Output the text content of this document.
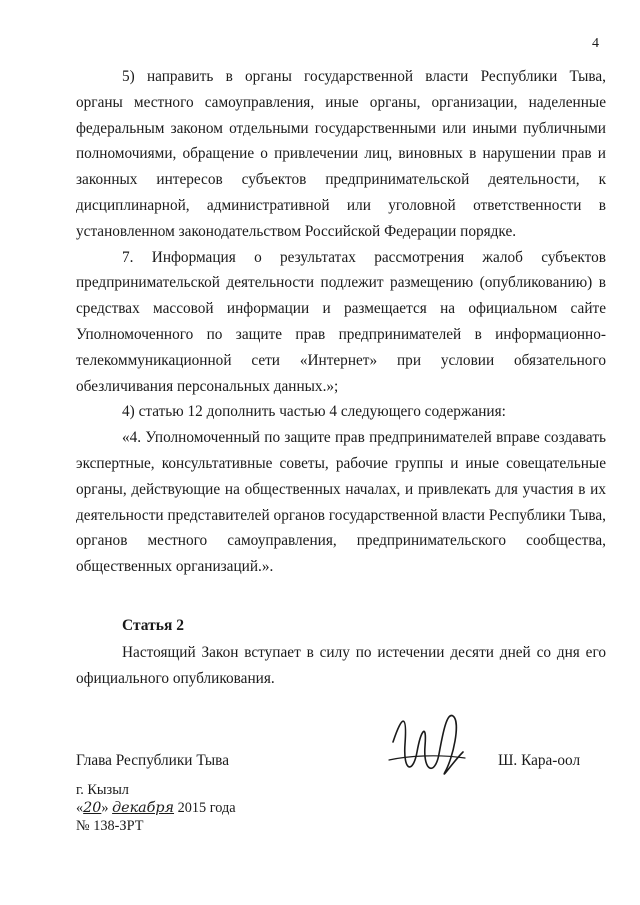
4

5) направить в органы государственной власти Республики Тыва,

органы местного самоуправления, иные органы, организации, наделенные

федеральным законом отдельными государственными или иными публичными

полномочиями, обращение о привлечении лиц, виновных в нарушении прав и

законных интересов субъектов предпринимательской деятельности, к

дисциплинарной, административной или уголовной ответственности в

установленном законодательством Российской Федерации порядке.

7. Информация о результатах рассмотрения жалоб субъектов

предпринимательской деятельности подлежит размещению (опубликованию) в

средствах массовой информации и размещается на официальном сайте

Уполномоченного по защите прав предпринимателей в информационно-

телекоммуникационной сети «Интернет» при условии обязательного

обезличивания персональных данных.»;

4) статью 12 дополнить частью 4 следующего содержания:

«4. Уполномоченный по защите прав предпринимателей вправе создавать

экспертные, консультативные советы, рабочие группы и иные совещательные

органы, действующие на общественных началах, и привлекать для участия в их

деятельности представителей органов государственной власти Республики Тыва,

органов местного самоуправления, предпринимательского сообщества,

общественных организаций.».

Статья 2

Настоящий Закон вступает в силу по истечении десяти дней со дня его

официального опубликования.

Глава Республики Тыва	Ш. Кара-оол
г. Кызыл
«20» декабря 2015 года
№ 138-ЗРТ
